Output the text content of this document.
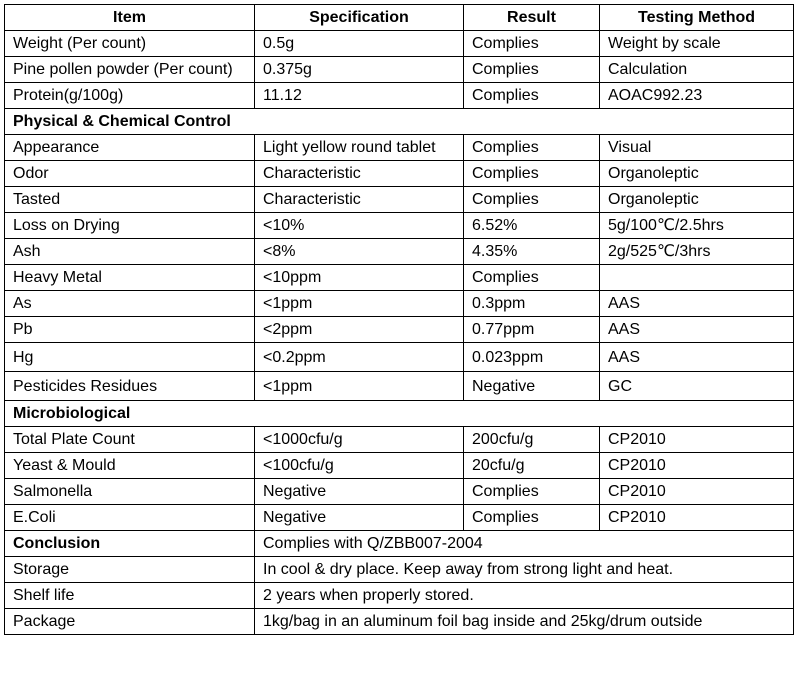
Item	Specification	Result	Testing Method
Weight (Per count)	0.5g	Complies	Weight by scale
Pine pollen powder (Per count)	0.375g	Complies	Calculation
Protein(g/100g)	11.12	Complies	AOAC992.23
Physical & Chemical Control			
Appearance	Light yellow round tablet	Complies	Visual
Odor	Characteristic	Complies	Organoleptic
Tasted	Characteristic	Complies	Organoleptic
Loss on Drying	<10%	6.52%	5g/100℃/2.5hrs
Ash	<8%	4.35%	2g/525℃/3hrs
Heavy Metal	<10ppm	Complies	
As	<1ppm	0.3ppm	AAS
Pb	<2ppm	0.77ppm	AAS
Hg	<0.2ppm	0.023ppm	AAS
Pesticides Residues	<1ppm	Negative	GC
Microbiological			
Total Plate Count	<1000cfu/g	200cfu/g	CP2010
Yeast & Mould	<100cfu/g	20cfu/g	CP2010
Salmonella	Negative	Complies	CP2010
E.Coli	Negative	Complies	CP2010
Conclusion	Complies with Q/ZBB007-2004		
Storage	In cool & dry place. Keep away from strong light and heat.		
Shelf life	2 years when properly stored.		
Package	1kg/bag in an aluminum foil bag inside and 25kg/drum outside		
